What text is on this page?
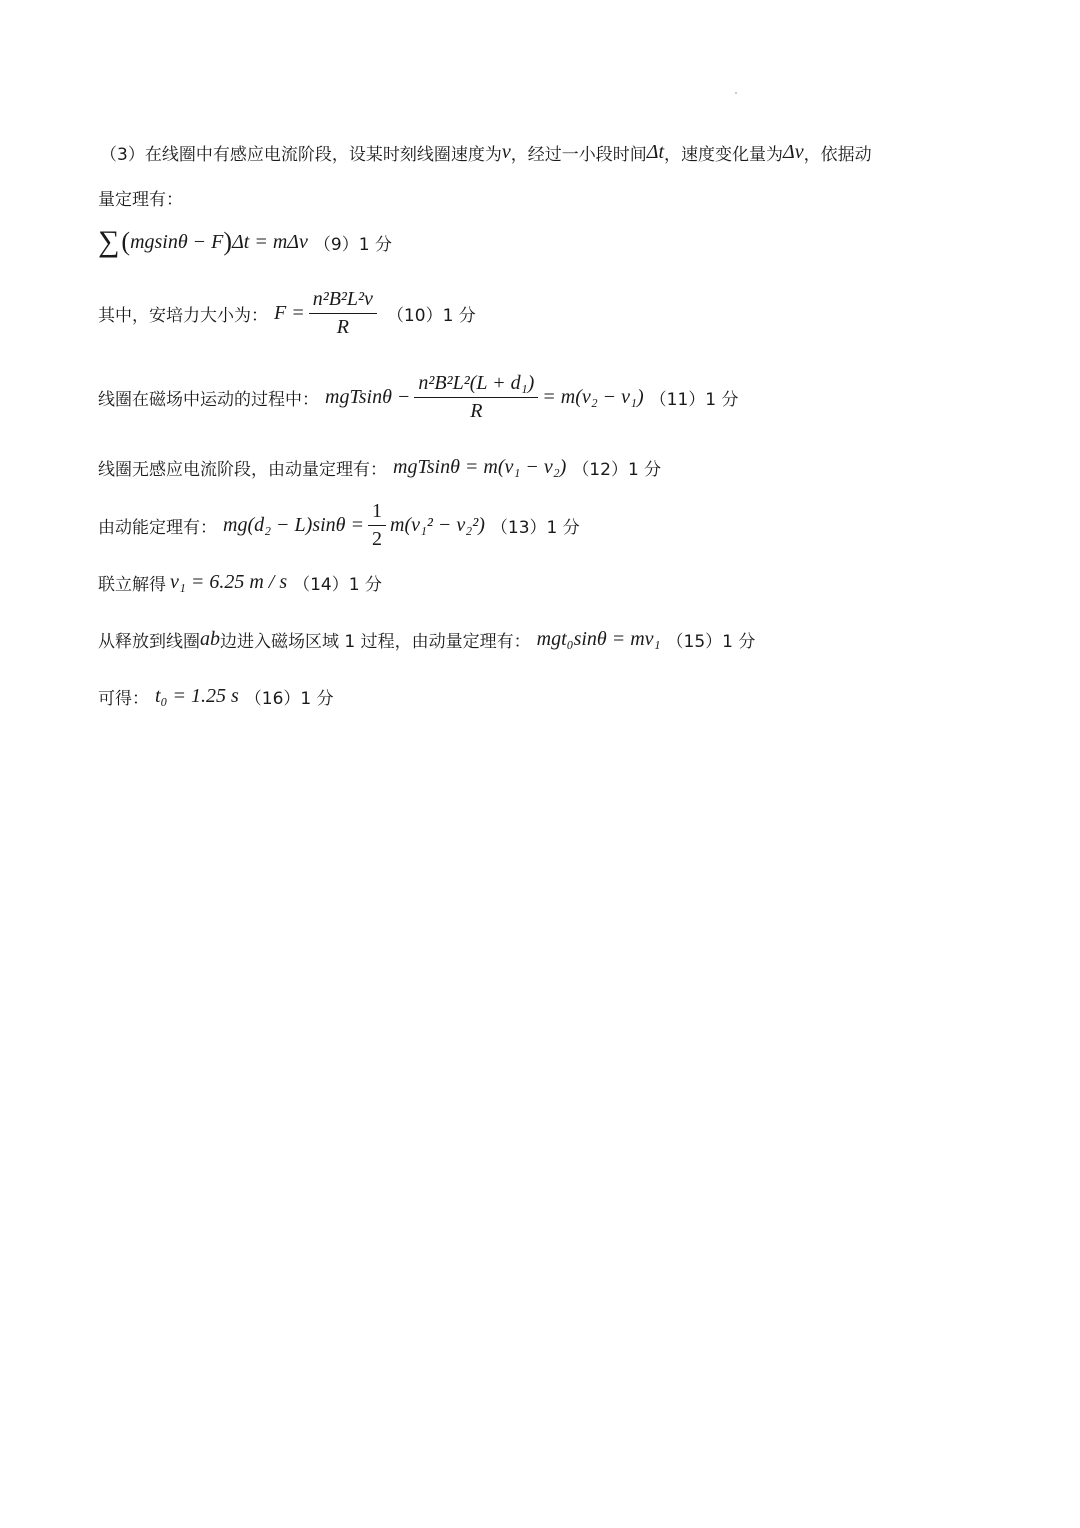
（3） 在线圈中有感应电流阶段，设某时刻线圈速度为 v ，经过一小段时间 Δt ，速度变化量为 Δv ，依据动
量定理有：
∑ ( mgsinθ − F ) Δt = mΔv （9）1 分
其中，安培力大小为： $F = \frac{\text{n²B²L²v}}{R} (10)1$ 分
线圈在磁场中运动的过程中： $mgTsin\theta - \frac{\text{n²B²L²(L + d₁)}}{R} = m(v_2 - v_1)$ （11）1 分
线圈无感应电流阶段，由动量定理有： mgTsinθ = m(v₁ − v₂) （12）1 分
由动能定理有： $mg(d_2 - L)\sin\theta = \frac{1}{2} m(v_1^2 - v_2^2)$ （13）1 分
联立解得 v₁ = 6.25 m / s （14）1 分
从释放到线圈 ab 边进入磁场区域 1 过程，由动量定理有： mgt₀sinθ = mv₁ （15）1 分
可得： t₀ = 1.25 s （16）1 分
